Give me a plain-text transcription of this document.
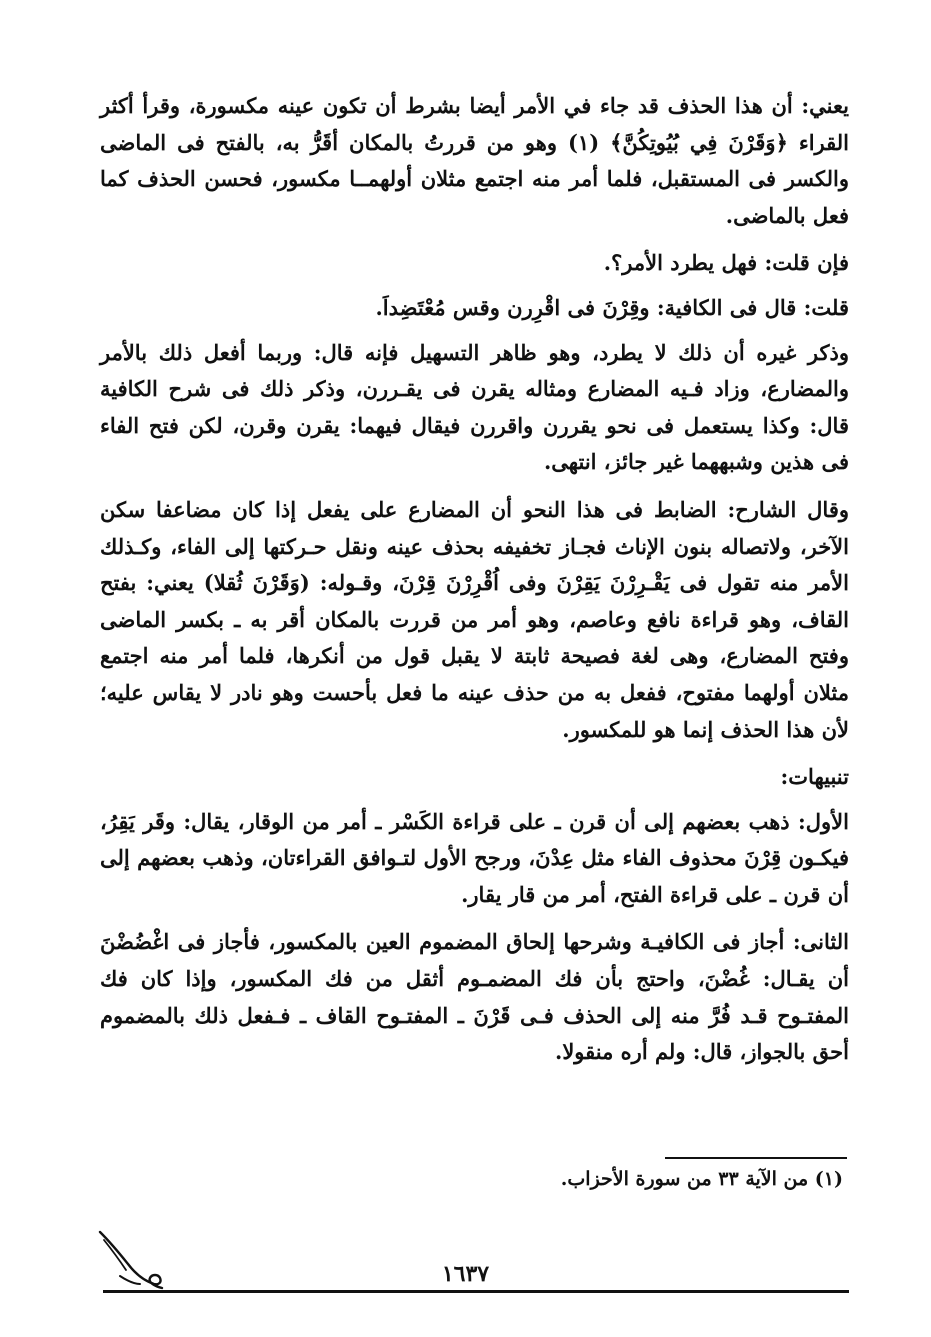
يعني: أن هذا الحذف قد جاء في الأمر أيضا بشرط أن تكون عينه مكسورة، وقرأ أكثر القراء ﴿وَقَرْنَ فِي بُيُوتِكُنَّ﴾ (١) وهو من قررتُ بالمكان أقَرُّ به، بالفتح فى الماضى والكسر فى المستقبل، فلما أمر منه اجتمع مثلان أولهمــا مكسور، فحسن الحذف كما فعل بالماضى.

فإن قلت: فهل يطرد الأمر؟.

قلت: قال فى الكافية: وقِرْنَ فى اقْرِرن وقس مُعْتَضِداَ.

وذكر غيره أن ذلك لا يطرد، وهو ظاهر التسهيل فإنه قال: وربما أفعل ذلك بالأمر والمضارع، وزاد فـيه المضارع ومثاله يقرن فى يقـررن، وذكر ذلك فى شرح الكافية قال: وكذا يستعمل فى نحو يقررن واقررن فيقال فيهما: يقرن وقرن، لكن فتح الفاء فى هذين وشبههما غير جائز، انتهى.

وقال الشارح: الضابط فى هذا النحو أن المضارع على يفعل إذا كان مضاعفا سكن الآخر، ولاتصاله بنون الإناث فجـاز تخفيفه بحذف عينه ونقل حـركتها إلى الفاء، وكـذلك الأمر منه تقول فى يَقْـرِرْنَ يَقِرْنَ وفى اُقْرِرْنَ قِرْنَ، وقـوله: (وَقَرْنَ ثُقلا) يعني: بفتح القاف، وهو قراءة نافع وعاصم، وهو أمر من قررت بالمكان أقر به ـ بكسر الماضى وفتح المضارع، وهى لغة فصيحة ثابتة لا يقبل قول من أنكرها، فلما أمر منه اجتمع مثلان أولهما مفتوح، ففعل به من حذف عينه ما فعل بأحست وهو نادر لا يقاس عليه؛ لأن هذا الحذف إنما هو للمكسور.

تنبيهات:

الأول: ذهب بعضهم إلى أن قرن ـ على قراءة الكَسْر ـ أمر من الوقار، يقال: وقَر يَقِرُ، فيكـون قِرْنَ محذوف الفاء مثل عِدْنَ، ورجح الأول لتـوافق القراءتان، وذهب بعضهم إلى أن قرن ـ على قراءة الفتح، أمر من قار يقار.

الثانى: أجاز فى الكافيـة وشرحها إلحاق المضموم العين بالمكسور، فأجاز فى اغْضُضْنَ أن يقـال: غُضْنَ، واحتج بأن فك المضمـوم أثقل من فك المكسور، وإذا كان فك المفتـوح قـد فُرَّ منه إلى الحذف فـى قَرْنَ ـ المفتـوح القاف ـ فـفعل ذلك بالمضموم أحق بالجواز، قال: ولم أره منقولا.

(١) من الآية ٣٣ من سورة الأحزاب.
١٦٣٧
